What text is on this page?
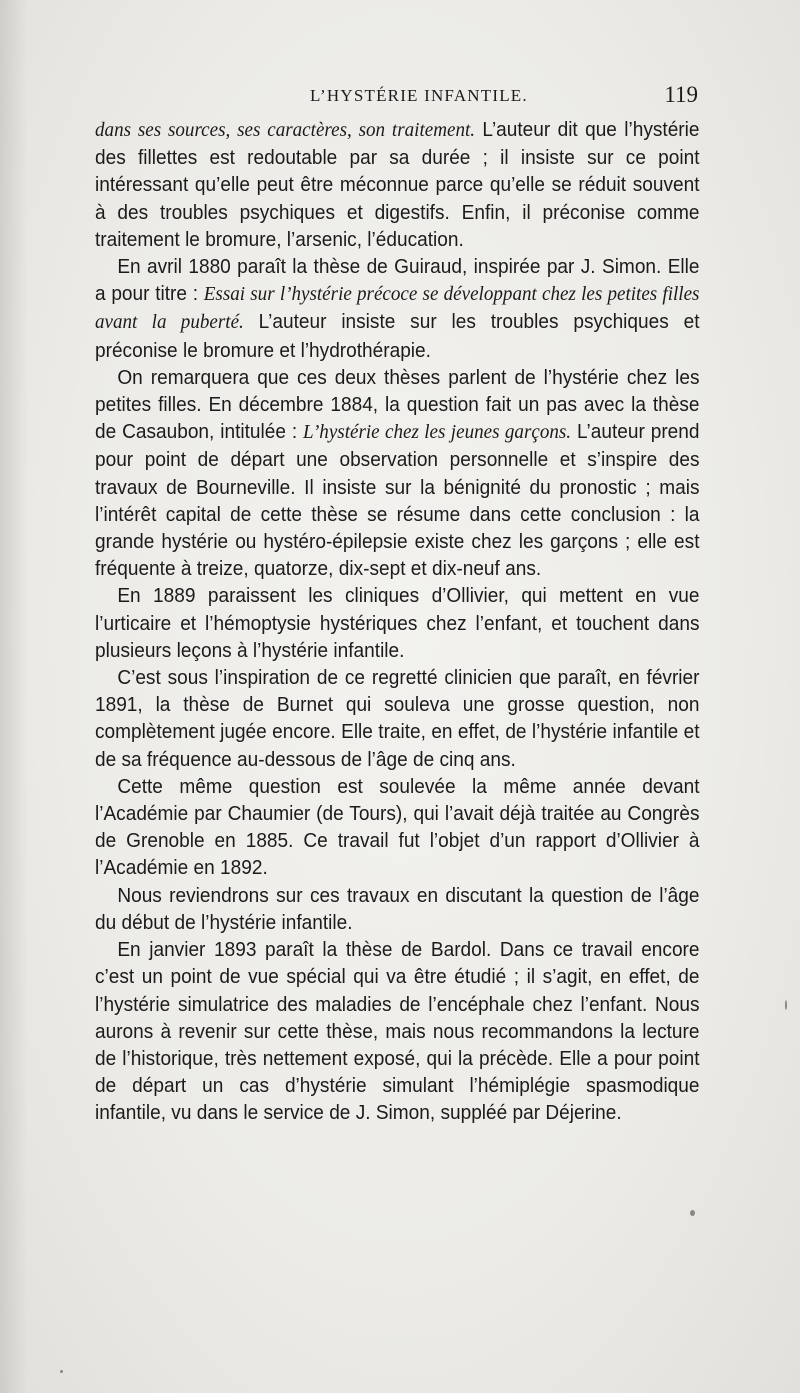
L’HYSTÉRIE INFANTILE.	119

dans ses sources, ses caractères, son traitement. L’auteur dit que l’hystérie des fillettes est redoutable par sa durée ; il insiste sur ce point intéressant qu’elle peut être méconnue parce qu’elle se réduit souvent à des troubles psychiques et digestifs. Enfin, il préconise comme traitement le bromure, l’arsenic, l’éducation.

En avril 1880 paraît la thèse de Guiraud, inspirée par J. Simon. Elle a pour titre : Essai sur l’hystérie précoce se développant chez les petites filles avant la puberté. L’auteur insiste sur les troubles psychiques et préconise le bromure et l’hydrothérapie.

On remarquera que ces deux thèses parlent de l’hystérie chez les petites filles. En décembre 1884, la question fait un pas avec la thèse de Casaubon, intitulée : L’hystérie chez les jeunes garçons. L’auteur prend pour point de départ une observation personnelle et s’inspire des travaux de Bourneville. Il insiste sur la bénignité du pronostic ; mais l’intérêt capital de cette thèse se résume dans cette conclusion : la grande hystérie ou hystéro-épilepsie existe chez les garçons ; elle est fréquente à treize, quatorze, dix-sept et dix-neuf ans.

En 1889 paraissent les cliniques d’Ollivier, qui mettent en vue l’urticaire et l’hémoptysie hystériques chez l’enfant, et touchent dans plusieurs leçons à l’hystérie infantile.

C’est sous l’inspiration de ce regretté clinicien que paraît, en février 1891, la thèse de Burnet qui souleva une grosse question, non complètement jugée encore. Elle traite, en effet, de l’hystérie infantile et de sa fréquence au-dessous de l’âge de cinq ans.

Cette même question est soulevée la même année devant l’Académie par Chaumier (de Tours), qui l’avait déjà traitée au Congrès de Grenoble en 1885. Ce travail fut l’objet d’un rapport d’Ollivier à l’Académie en 1892.

Nous reviendrons sur ces travaux en discutant la question de l’âge du début de l’hystérie infantile.

En janvier 1893 paraît la thèse de Bardol. Dans ce travail encore c’est un point de vue spécial qui va être étudié ; il s’agit, en effet, de l’hystérie simulatrice des maladies de l’encéphale chez l’enfant. Nous aurons à revenir sur cette thèse, mais nous recommandons la lecture de l’historique, très nettement exposé, qui la précède. Elle a pour point de départ un cas d’hystérie simulant l’hémiplégie spasmodique infantile, vu dans le service de J. Simon, suppléé par Déjerine.
